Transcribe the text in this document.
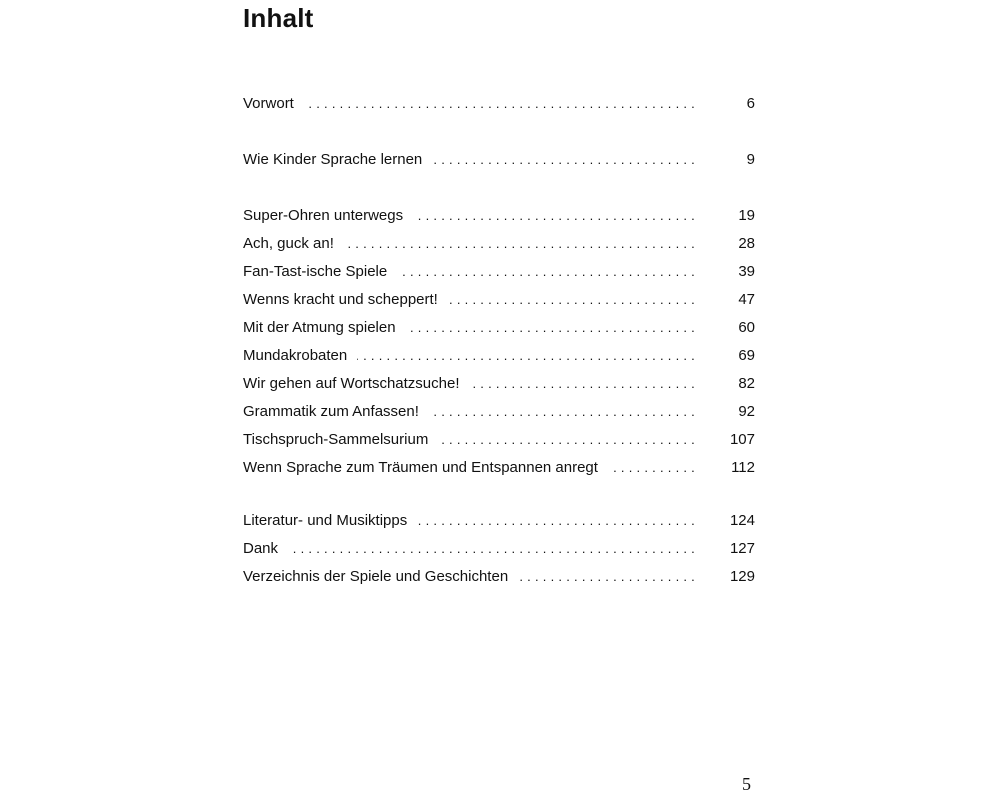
Inhalt
Vorwort .....	6
Wie Kinder Sprache lernen .....	9
Super-Ohren unterwegs .....	19
Ach, guck an! .....	28
Fan-Tast-ische Spiele .....	39
Wenns kracht und scheppert! .....	47
Mit der Atmung spielen .....	60
Mundakrobaten .....	69
Wir gehen auf Wortschatzsuche! .....	82
Grammatik zum Anfassen! .....	92
Tischspruch-Sammelsurium .....	107
Wenn Sprache zum Träumen und Entspannen anregt .....	112
Literatur- und Musiktipps .....	124
Dank .....	127
Verzeichnis der Spiele und Geschichten .....	129
5
